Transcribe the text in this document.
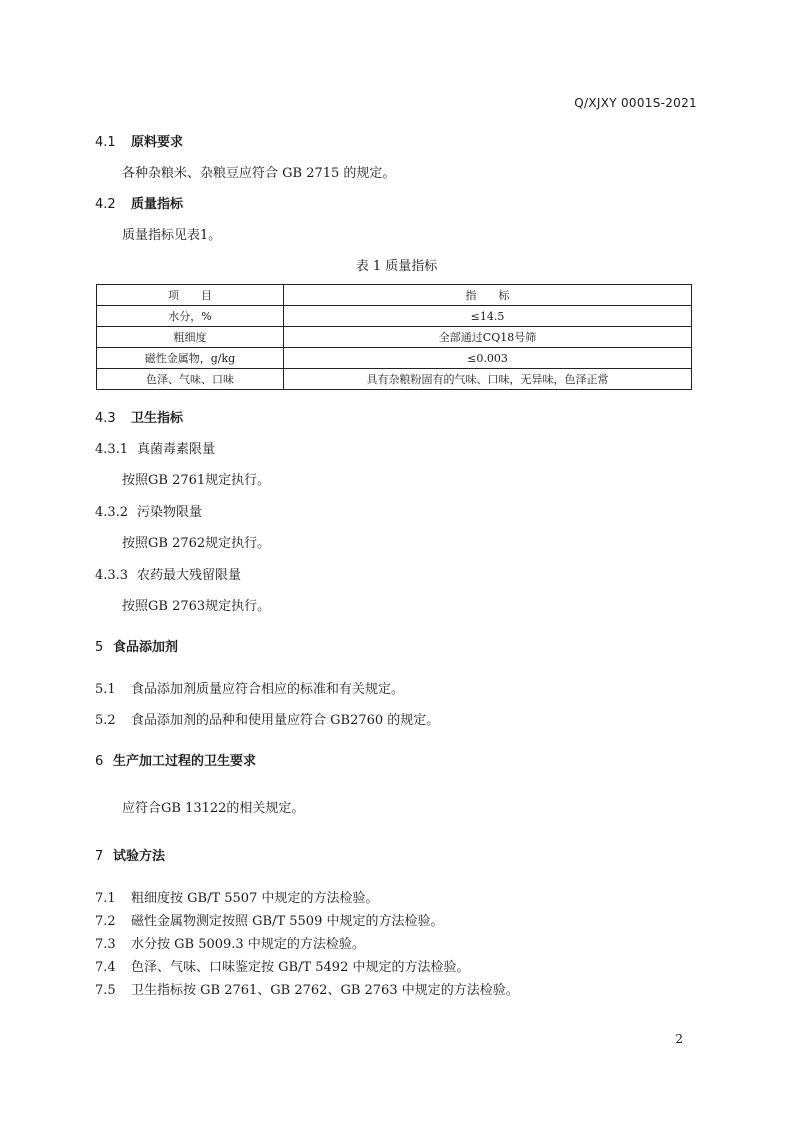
Q/XJXY 0001S-2021
4.1 原料要求
各种杂粮米、杂粮豆应符合 GB 2715 的规定。
4.2 质量指标
质量指标见表1。
表 1 质量指标
项　　目	指　　标
水分，%	≤14.5
粗细度	全部通过CQ18号筛
磁性金属物，g/kg	≤0.003
色泽、气味、口味	具有杂粮粉固有的气味、口味，无异味，色泽正常
4.3 卫生指标
4.3.1 真菌毒素限量
按照GB 2761规定执行。
4.3.2 污染物限量
按照GB 2762规定执行。
4.3.3 农药最大残留限量
按照GB 2763规定执行。
5 食品添加剂
5.1 食品添加剂质量应符合相应的标准和有关规定。
5.2 食品添加剂的品种和使用量应符合 GB2760 的规定。
6 生产加工过程的卫生要求
应符合GB 13122的相关规定。
7 试验方法
7.1 粗细度按 GB/T 5507 中规定的方法检验。
7.2 磁性金属物测定按照 GB/T 5509 中规定的方法检验。
7.3 水分按 GB 5009.3 中规定的方法检验。
7.4 色泽、气味、口味鉴定按 GB/T 5492 中规定的方法检验。
7.5 卫生指标按 GB 2761、GB 2762、GB 2763 中规定的方法检验。
2
